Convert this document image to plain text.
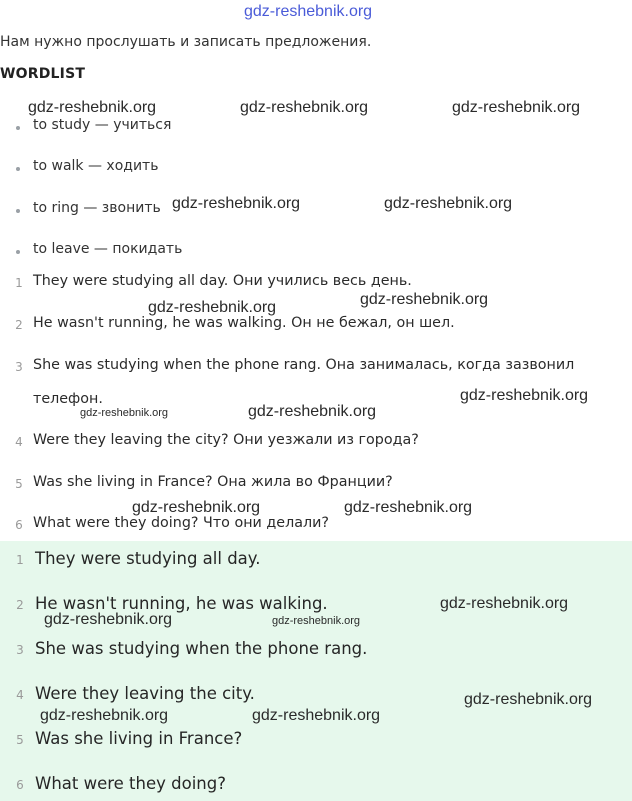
gdz-reshebnik.org
Нам нужно прослушать и записать предложения.
WORDLIST
to study — учиться
to walk — ходить
to ring — звонить
to leave — покидать
1 They were studying all day. Они учились весь день.
2 He wasn't running, he was walking. Он не бежал, он шел.
3 She was studying when the phone rang. Она занималась, когда зазвонил
телефон.
4 Were they leaving the city? Они уезжали из города?
5 Was she living in France? Она жила во Франции?
6 What were they doing? Что они делали?
1 They were studying all day.
2 He wasn't running, he was walking.
3 She was studying when the phone rang.
4 Were they leaving the city.
5 Was she living in France?
6 What were they doing?
gdz-reshebnik.org	gdz-reshebnik.org	gdz-reshebnik.org
gdz-reshebnik.org	gdz-reshebnik.org
gdz-reshebnik.org	gdz-reshebnik.org
gdz-reshebnik.org
gdz-reshebnik.org	gdz-reshebnik.org
gdz-reshebnik.org	gdz-reshebnik.org
gdz-reshebnik.org
gdz-reshebnik.org	gdz-reshebnik.org
gdz-reshebnik.org
gdz-reshebnik.org	gdz-reshebnik.org
